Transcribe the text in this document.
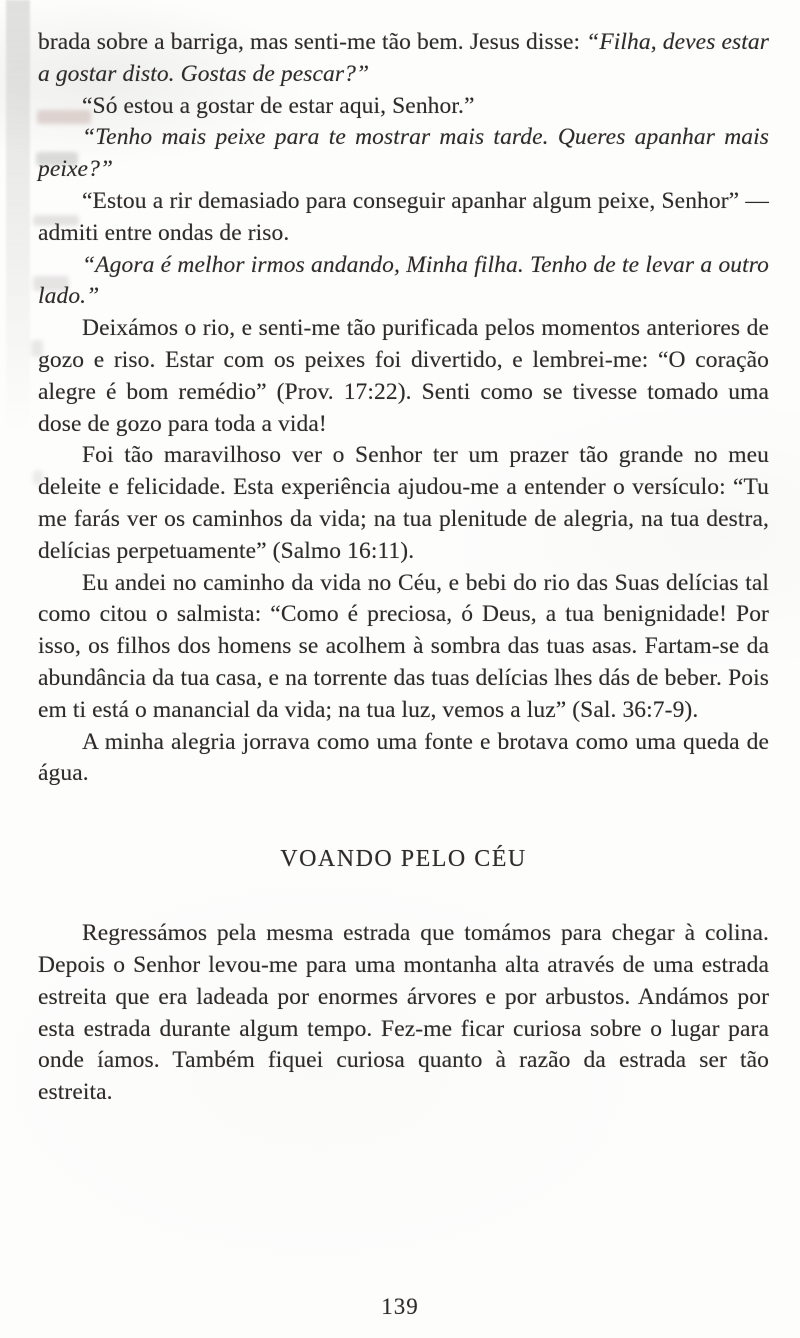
brada sobre a barriga, mas senti-me tão bem. Jesus disse: “Filha, deves estar a gostar disto. Gostas de pescar?”

“Só estou a gostar de estar aqui, Senhor.”

“Tenho mais peixe para te mostrar mais tarde. Queres apanhar mais peixe?”

“Estou a rir demasiado para conseguir apanhar algum peixe, Senhor” — admiti entre ondas de riso.

“Agora é melhor irmos andando, Minha filha. Tenho de te levar a outro lado.”

Deixámos o rio, e senti-me tão purificada pelos momentos anteriores de gozo e riso. Estar com os peixes foi divertido, e lembrei-me: “O coração alegre é bom remédio” (Prov. 17:22). Senti como se tivesse tomado uma dose de gozo para toda a vida!

Foi tão maravilhoso ver o Senhor ter um prazer tão grande no meu deleite e felicidade. Esta experiência ajudou-me a entender o versículo: “Tu me farás ver os caminhos da vida; na tua plenitude de alegria, na tua destra, delícias perpetuamente” (Salmo 16:11).

Eu andei no caminho da vida no Céu, e bebi do rio das Suas delícias tal como citou o salmista: “Como é preciosa, ó Deus, a tua benignidade! Por isso, os filhos dos homens se acolhem à sombra das tuas asas. Fartam-se da abundância da tua casa, e na torrente das tuas delícias lhes dás de beber. Pois em ti está o manancial da vida; na tua luz, vemos a luz” (Sal. 36:7-9).

A minha alegria jorrava como uma fonte e brotava como uma queda de água.

VOANDO PELO CÉU

Regressámos pela mesma estrada que tomámos para chegar à colina. Depois o Senhor levou-me para uma montanha alta através de uma estrada estreita que era ladeada por enormes árvores e por arbustos. Andámos por esta estrada durante algum tempo. Fez-me ficar curiosa sobre o lugar para onde íamos. Também fiquei curiosa quanto à razão da estrada ser tão estreita.

139
